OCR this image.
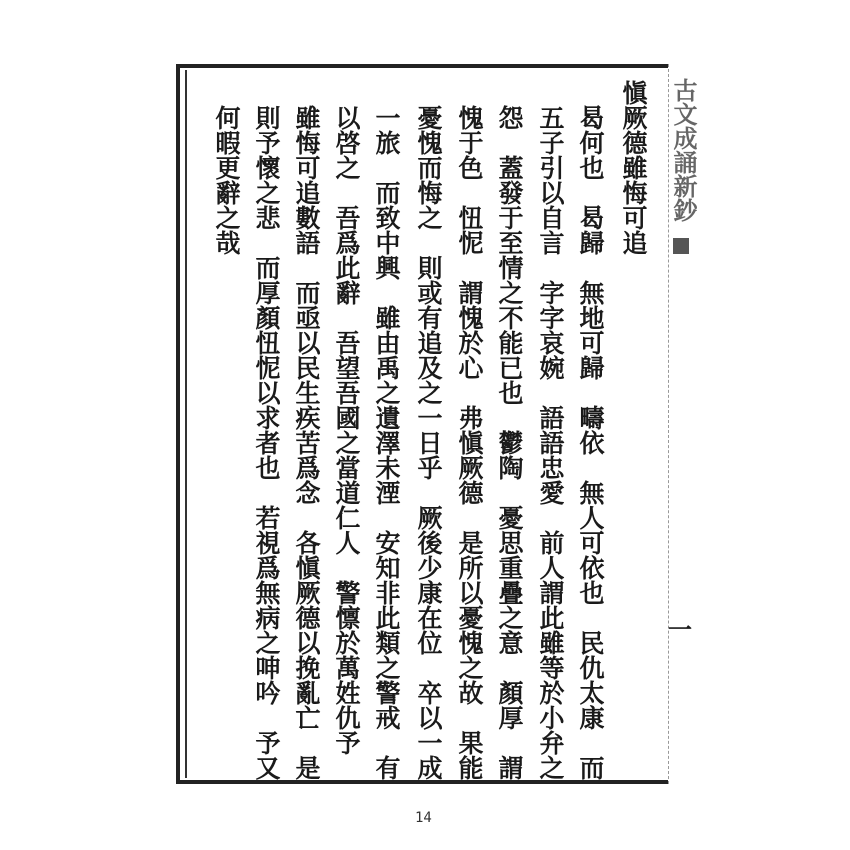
古文成誦新鈔
一
愼厥德雖悔可追
曷何也　曷歸　無地可歸　疇依　無人可依也　民仇太康　而
五子引以自言　字字哀婉　語語忠愛　前人謂此雖等於小弁之
怨　蓋發于至情之不能已也　鬱陶　憂思重疊之意　顏厚　謂
愧于色　忸怩　謂愧於心　弗愼厥德　是所以憂愧之故　果能
憂愧而悔之　則或有追及之一日乎　厥後少康在位　卒以一成
一旅　而致中興　雖由禹之遺澤未湮　安知非此類之警戒　有
以啓之　吾爲此辭　吾望吾國之當道仁人　警懔於萬姓仇予
雖悔可追數語　而亟以民生疾苦爲念　各愼厥德以挽亂亡　是
則予懷之悲　而厚顏忸怩以求者也　若視爲無病之呻吟　予又
何暇更辭之哉
14
